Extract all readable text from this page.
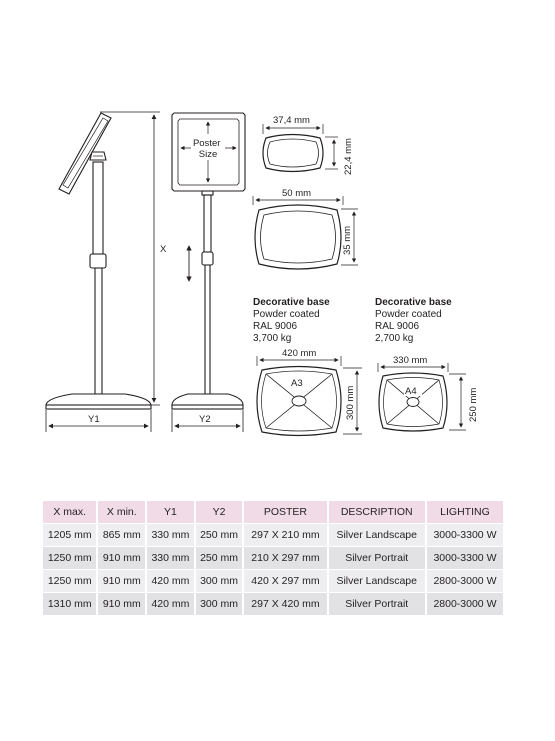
X
Y1
Poster Size
Y2
37,4 mm
22,4 mm
50 mm
35 mm
A3
420 mm
300 mm	A4
330 mm
250 mm
Decorative base
Powder coated
RAL 9006
3,700 kg
Decorative base
Powder coated
RAL 9006
2,700 kg
X max.	X min.	Y1	Y2	POSTER	DESCRIPTION	LIGHTING
1205 mm	865 mm	330 mm	250 mm	297 X 210 mm	Silver Landscape	3000-3300 W
1250 mm	910 mm	330 mm	250 mm	210 X 297 mm	Silver Portrait	3000-3300 W
1250 mm	910 mm	420 mm	300 mm	420 X 297 mm	Silver Landscape	2800-3000 W
1310 mm	910 mm	420 mm	300 mm	297 X 420 mm	Silver Portrait	2800-3000 W
